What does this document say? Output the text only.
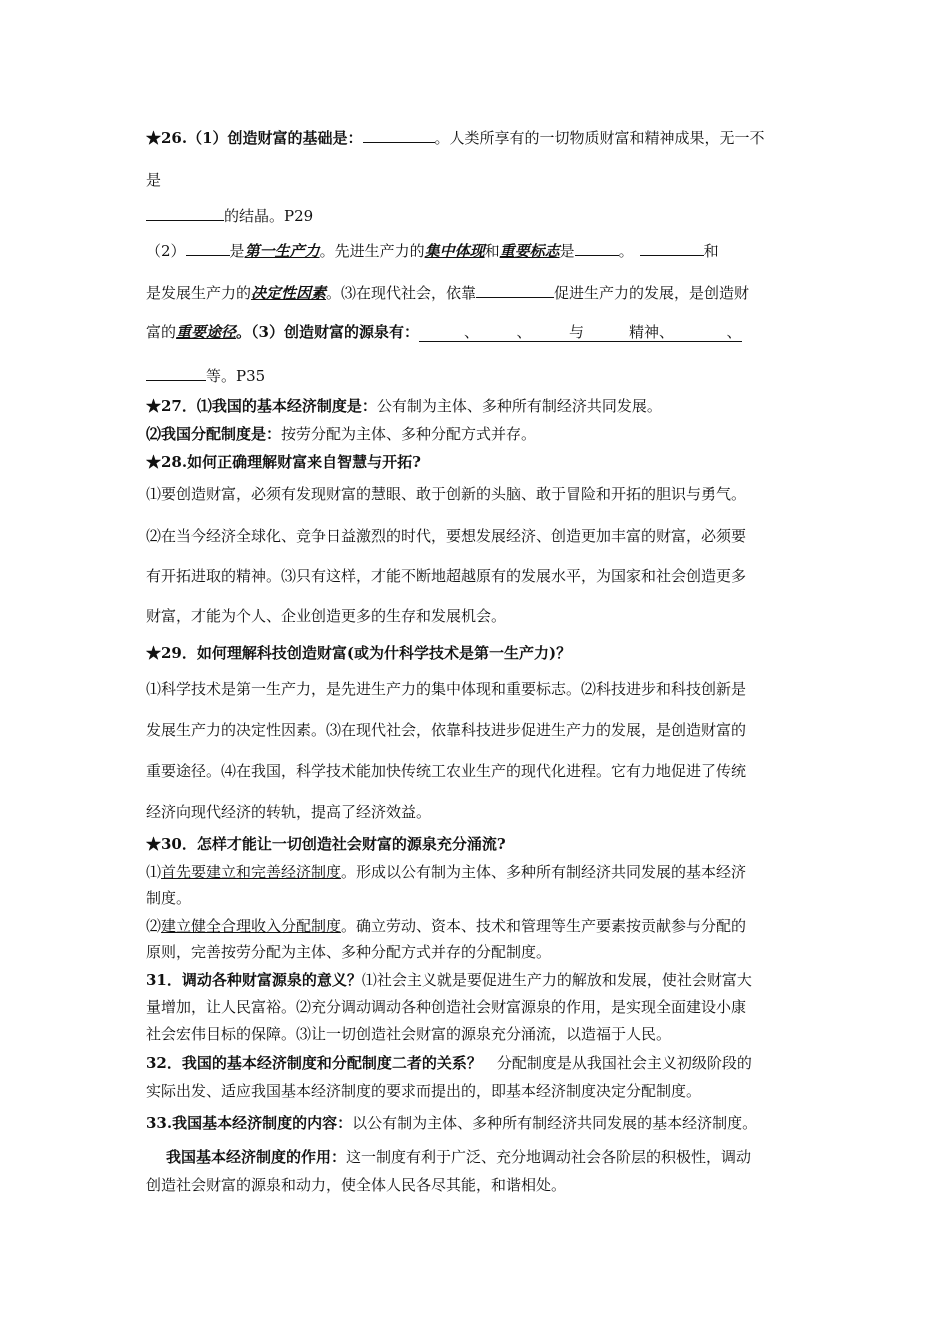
★26.（1）创造财富的基础是：	。人类所享有的一切物质财富和精神成果，无一不
是
的结晶。P29
（2）	是第一生产力。先进生产力的集中体现和重要标志是	。	和
是发展生产力的决定性因素。⑶在现代社会，依靠	促进生产力的发展，是创造财
富的重要途径。（3）创造财富的源泉有：　　　、　　　、　　　与　　　精神、　　　　、
等。P35
★27．⑴我国的基本经济制度是：公有制为主体、多种所有制经济共同发展。
⑵我国分配制度是：按劳分配为主体、多种分配方式并存。
★28.如何正确理解财富来自智慧与开拓?
⑴要创造财富，必须有发现财富的慧眼、敢于创新的头脑、敢于冒险和开拓的胆识与勇气。
⑵在当今经济全球化、竞争日益激烈的时代，要想发展经济、创造更加丰富的财富，必须要
有开拓进取的精神。⑶只有这样，才能不断地超越原有的发展水平，为国家和社会创造更多
财富，才能为个人、企业创造更多的生存和发展机会。
★29．如何理解科技创造财富(或为什科学技术是第一生产力)？
⑴科学技术是第一生产力，是先进生产力的集中体现和重要标志。⑵科技进步和科技创新是
发展生产力的决定性因素。⑶在现代社会，依靠科技进步促进生产力的发展，是创造财富的
重要途径。⑷在我国，科学技术能加快传统工农业生产的现代化进程。它有力地促进了传统
经济向现代经济的转轨，提高了经济效益。
★30．怎样才能让一切创造社会财富的源泉充分涌流?
⑴首先要建立和完善经济制度。形成以公有制为主体、多种所有制经济共同发展的基本经济
制度。
⑵建立健全合理收入分配制度。确立劳动、资本、技术和管理等生产要素按贡献参与分配的
原则，完善按劳分配为主体、多种分配方式并存的分配制度。
31．调动各种财富源泉的意义？⑴社会主义就是要促进生产力的解放和发展，使社会财富大
量增加，让人民富裕。⑵充分调动调动各种创造社会财富源泉的作用，是实现全面建设小康
社会宏伟目标的保障。⑶让一切创造社会财富的源泉充分涌流，以造福于人民。
32．我国的基本经济制度和分配制度二者的关系？　分配制度是从我国社会主义初级阶段的
实际出发、适应我国基本经济制度的要求而提出的，即基本经济制度决定分配制度。
33.我国基本经济制度的内容：以公有制为主体、多种所有制经济共同发展的基本经济制度。
我国基本经济制度的作用：这一制度有利于广泛、充分地调动社会各阶层的积极性，调动
创造社会财富的源泉和动力，使全体人民各尽其能，和谐相处。
